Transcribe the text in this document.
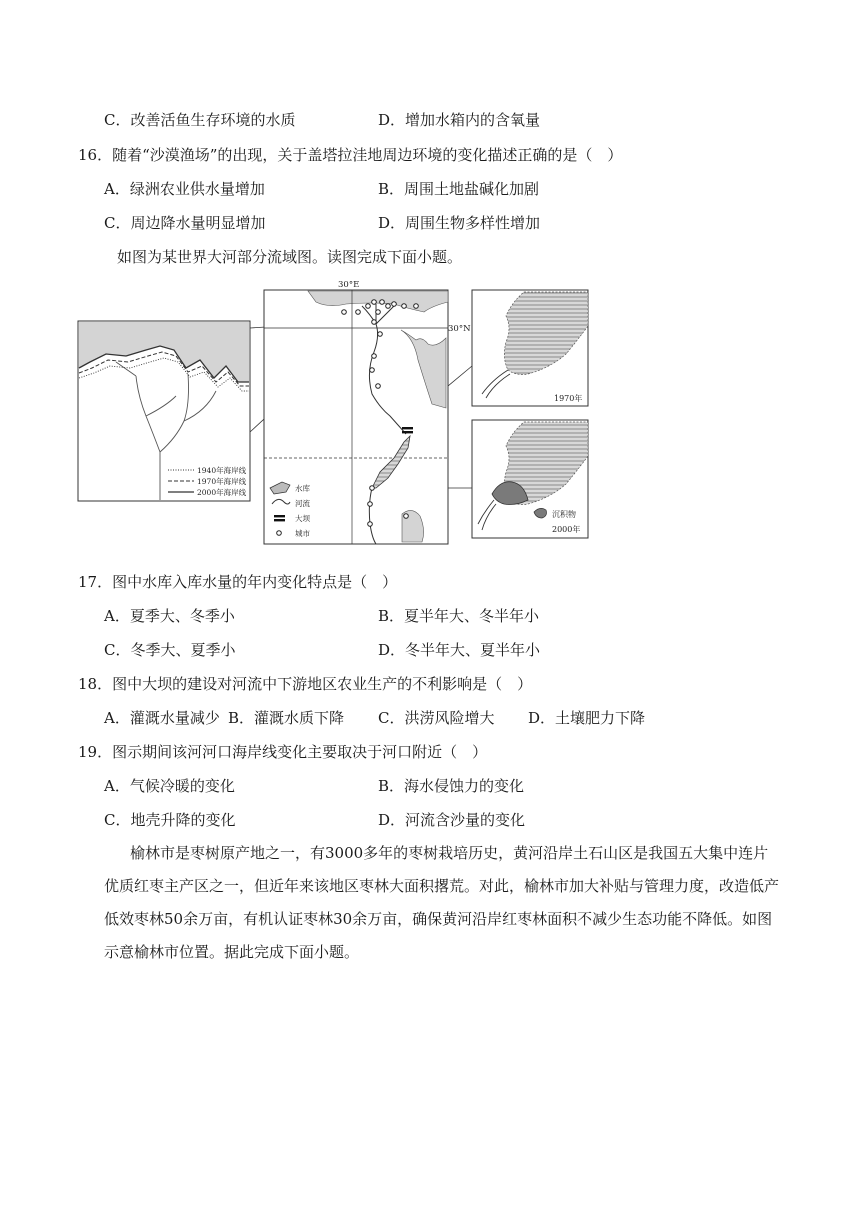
C．改善活鱼生存环境的水质	D．增加水箱内的含氧量
16．随着“沙漠渔场”的出现，关于盖塔拉洼地周边环境的变化描述正确的是（　）
A．绿洲农业供水量增加	B．周围土地盐碱化加剧
C．周边降水量明显增加	D．周围生物多样性增加
如图为某世界大河部分流域图。读图完成下面小题。
1940年海岸线
1970年海岸线
2000年海岸线
30°E
30°N
水库
河流
大坝
城市
1970年
沉积物
2000年
17．图中水库入库水量的年内变化特点是（　）
A．夏季大、冬季小	B．夏半年大、冬半年小
C．冬季大、夏季小	D．冬半年大、夏半年小
18．图中大坝的建设对河流中下游地区农业生产的不利影响是（　）
A．灌溉水量减少 B．灌溉水质下降 C．洪涝风险增大 D．土壤肥力下降
19．图示期间该河河口海岸线变化主要取决于河口附近（　）
A．气候冷暖的变化	B．海水侵蚀力的变化
C．地壳升降的变化	D．河流含沙量的变化
榆林市是枣树原产地之一，有3000多年的枣树栽培历史，黄河沿岸土石山区是我国五大集中连片优质红枣主产区之一，但近年来该地区枣林大面积撂荒。对此，榆林市加大补贴与管理力度，改造低产低效枣林50余万亩，有机认证枣林30余万亩，确保黄河沿岸红枣林面积不减少生态功能不降低。如图示意榆林市位置。据此完成下面小题。
